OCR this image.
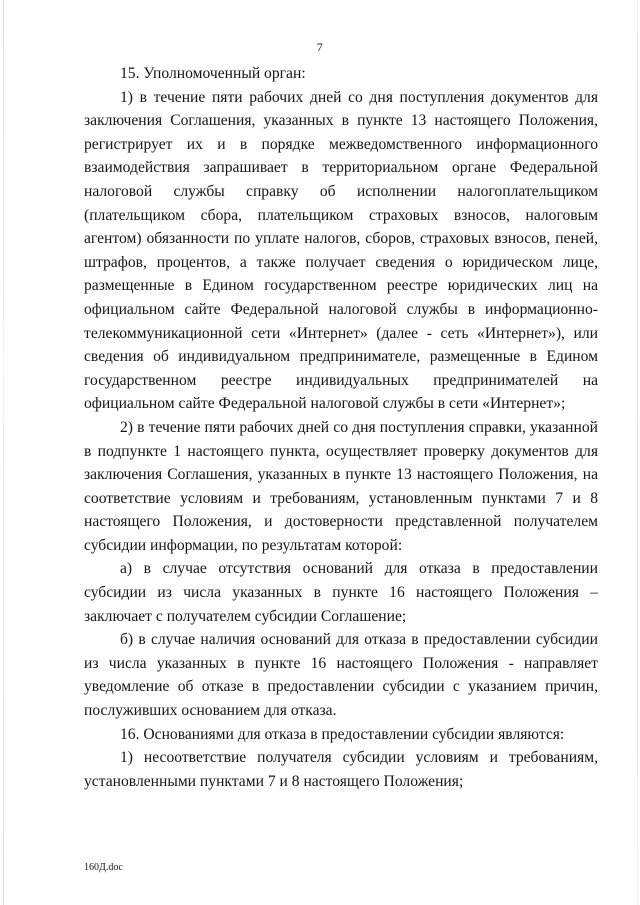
7

15. Уполномоченный орган:

1) в течение пяти рабочих дней со дня поступления документов для заключения Соглашения, указанных в пункте 13 настоящего Положения, регистрирует их и в порядке межведомственного информационного взаимодействия запрашивает в территориальном органе Федеральной налоговой службы справку об исполнении налогоплательщиком (плательщиком сбора, плательщиком страховых взносов, налоговым агентом) обязанности по уплате налогов, сборов, страховых взносов, пеней, штрафов, процентов, а также получает сведения о юридическом лице, размещенные в Едином государственном реестре юридических лиц на официальном сайте Федеральной налоговой службы в информационно-телекоммуникационной сети «Интернет» (далее - сеть «Интернет»), или сведения об индивидуальном предпринимателе, размещенные в Едином государственном реестре индивидуальных предпринимателей на официальном сайте Федеральной налоговой службы в сети «Интернет»;

2) в течение пяти рабочих дней со дня поступления справки, указанной в подпункте 1 настоящего пункта, осуществляет проверку документов для заключения Соглашения, указанных в пункте 13 настоящего Положения, на соответствие условиям и требованиям, установленным пунктами 7 и 8 настоящего Положения, и достоверности представленной получателем субсидии информации, по результатам которой:

а) в случае отсутствия оснований для отказа в предоставлении субсидии из числа указанных в пункте 16 настоящего Положения – заключает с получателем субсидии Соглашение;

б) в случае наличия оснований для отказа в предоставлении субсидии из числа указанных в пункте 16 настоящего Положения - направляет уведомление об отказе в предоставлении субсидии с указанием причин, послуживших основанием для отказа.

16. Основаниями для отказа в предоставлении субсидии являются:

1) несоответствие получателя субсидии условиям и требованиям, установленными пунктами 7 и 8 настоящего Положения;

160Д.doc
